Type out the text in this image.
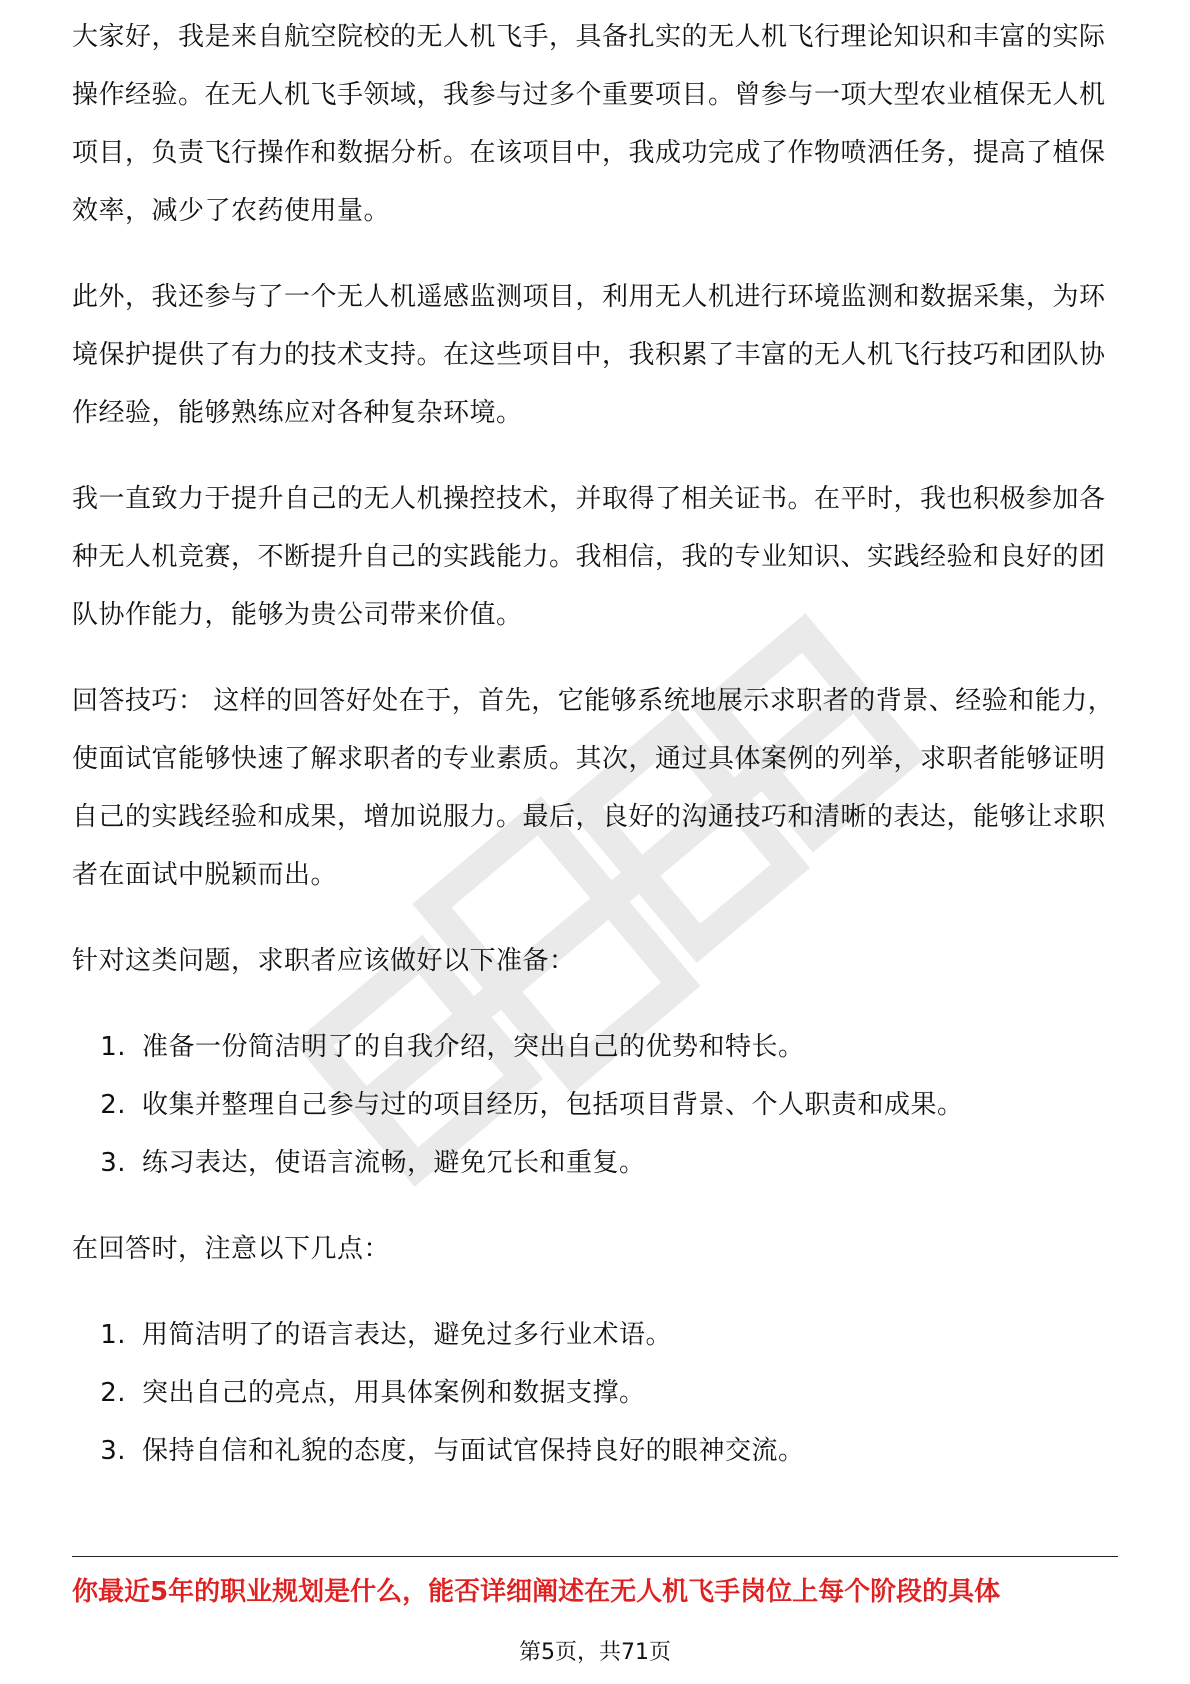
大家好，我是来自航空院校的无人机飞手，具备扎实的无人机飞行理论知识和丰富的实际操作经验。在无人机飞手领域，我参与过多个重要项目。曾参与一项大型农业植保无人机项目，负责飞行操作和数据分析。在该项目中，我成功完成了作物喷洒任务，提高了植保效率，减少了农药使用量。

此外，我还参与了一个无人机遥感监测项目，利用无人机进行环境监测和数据采集，为环境保护提供了有力的技术支持。在这些项目中，我积累了丰富的无人机飞行技巧和团队协作经验，能够熟练应对各种复杂环境。

我一直致力于提升自己的无人机操控技术，并取得了相关证书。在平时，我也积极参加各种无人机竞赛，不断提升自己的实践能力。我相信，我的专业知识、实践经验和良好的团队协作能力，能够为贵公司带来价值。

回答技巧： 这样的回答好处在于，首先，它能够系统地展示求职者的背景、经验和能力，使面试官能够快速了解求职者的专业素质。其次，通过具体案例的列举，求职者能够证明自己的实践经验和成果，增加说服力。最后，良好的沟通技巧和清晰的表达，能够让求职者在面试中脱颖而出。

针对这类问题，求职者应该做好以下准备：

1. 准备一份简洁明了的自我介绍，突出自己的优势和特长。
2. 收集并整理自己参与过的项目经历，包括项目背景、个人职责和成果。
3. 练习表达，使语言流畅，避免冗长和重复。

在回答时，注意以下几点：

1. 用简洁明了的语言表达，避免过多行业术语。
2. 突出自己的亮点，用具体案例和数据支撑。
3. 保持自信和礼貌的态度，与面试官保持良好的眼神交流。
你最近5年的职业规划是什么，能否详细阐述在无人机飞手岗位上每个阶段的具体
第5页，共71页
